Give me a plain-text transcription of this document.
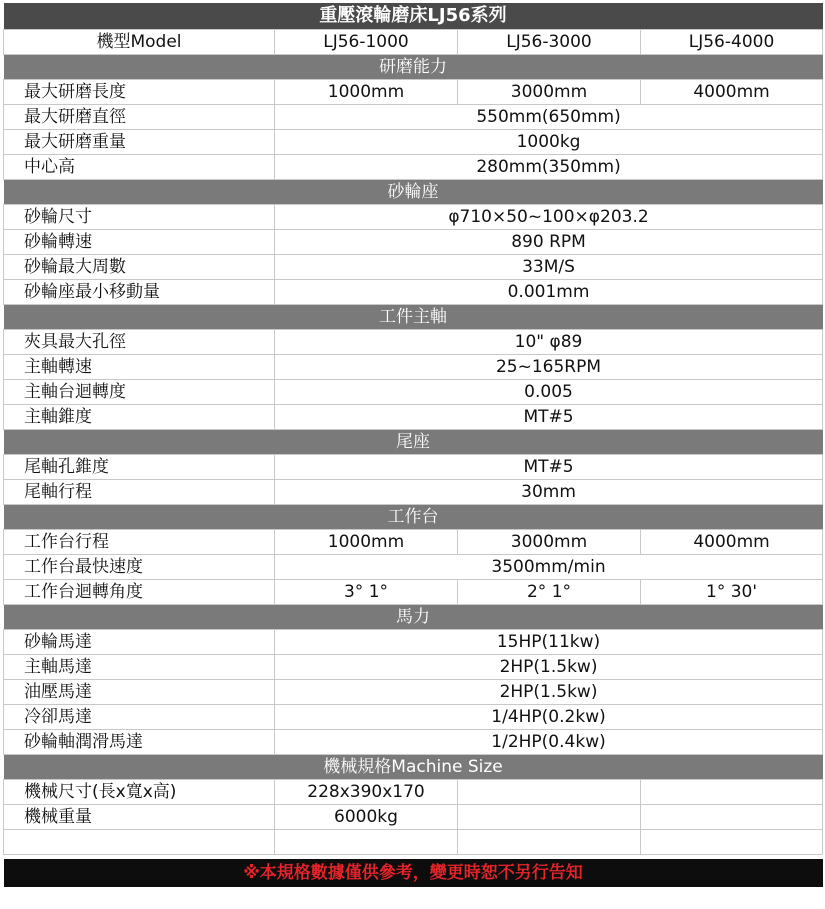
重壓滾輪磨床LJ56系列			
機型Model	LJ56-1000	LJ56-3000	LJ56-4000
研磨能力			
最大研磨長度	1000mm	3000mm	4000mm
最大研磨直徑	550mm(650mm)		
最大研磨重量	1000kg		
中心高	280mm(350mm)		
砂輪座			
砂輪尺寸	φ710×50~100×φ203.2		
砂輪轉速	890 RPM		
砂輪最大周數	33M/S		
砂輪座最小移動量	0.001mm		
工件主軸			
夾具最大孔徑	10" φ89		
主軸轉速	25~165RPM		
主軸台迴轉度	0.005		
主軸錐度	MT#5		
尾座			
尾軸孔錐度	MT#5		
尾軸行程	30mm		
工作台			
工作台行程	1000mm	3000mm	4000mm
工作台最快速度	3500mm/min		
工作台迴轉角度	3° 1°	2° 1°	1° 30'
馬力			
砂輪馬達	15HP(11kw)		
主軸馬達	2HP(1.5kw)		
油壓馬達	2HP(1.5kw)		
冷卻馬達	1/4HP(0.2kw)		
砂輪軸潤滑馬達	1/2HP(0.4kw)		
機械規格Machine Size			
機械尺寸(長x寬x高)	228x390x170		
機械重量	6000kg		

※本規格數據僅供參考，變更時恕不另行告知			
